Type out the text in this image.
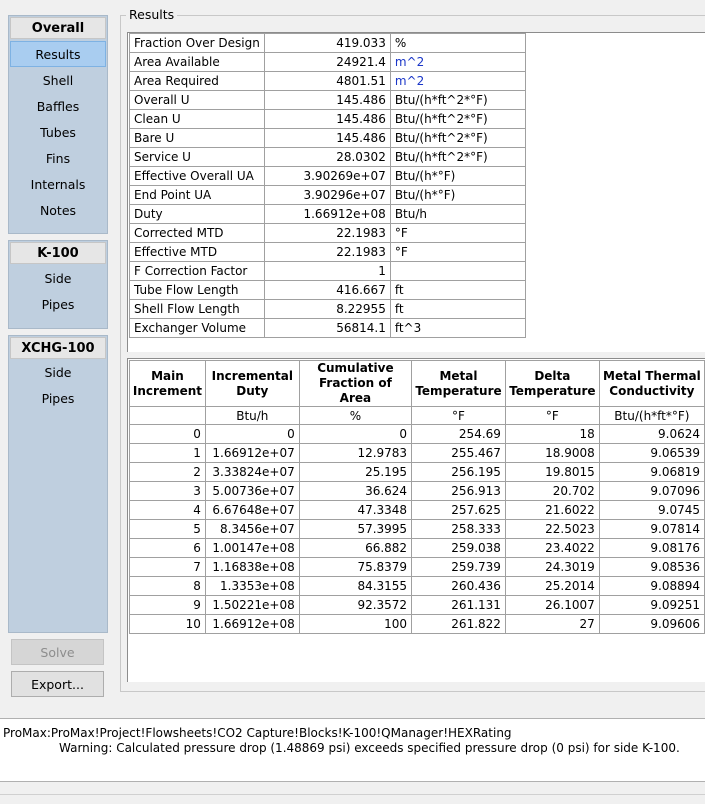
Overall
Results
Shell
Baffles
Tubes
Fins
Internals
Notes
K-100
Side
Pipes
XCHG-100
Side
Pipes
Solve
Export...
Results
Fraction Over Design	419.033	%
Area Available	24921.4	m^2
Area Required	4801.51	m^2
Overall U	145.486	Btu/(h*ft^2*°F)
Clean U	145.486	Btu/(h*ft^2*°F)
Bare U	145.486	Btu/(h*ft^2*°F)
Service U	28.0302	Btu/(h*ft^2*°F)
Effective Overall UA	3.90269e+07	Btu/(h*°F)
End Point UA	3.90296e+07	Btu/(h*°F)
Duty	1.66912e+08	Btu/h
Corrected MTD	22.1983	°F
Effective MTD	22.1983	°F
F Correction Factor	1	
Tube Flow Length	416.667	ft
Shell Flow Length	8.22955	ft
Exchanger Volume	56814.1	ft^3
Main Increment	Incremental Duty	Cumulative Fraction of Area	Metal Temperature	Delta Temperature	Metal Thermal Conductivity
	Btu/h	%	°F	°F	Btu/(h*ft*°F)
0	0	0	254.69	18	9.0624
1	1.66912e+07	12.9783	255.467	18.9008	9.06539
2	3.33824e+07	25.195	256.195	19.8015	9.06819
3	5.00736e+07	36.624	256.913	20.702	9.07096
4	6.67648e+07	47.3348	257.625	21.6022	9.0745
5	8.3456e+07	57.3995	258.333	22.5023	9.07814
6	1.00147e+08	66.882	259.038	23.4022	9.08176
7	1.16838e+08	75.8379	259.739	24.3019	9.08536
8	1.3353e+08	84.3155	260.436	25.2014	9.08894
9	1.50221e+08	92.3572	261.131	26.1007	9.09251
10	1.66912e+08	100	261.822	27	9.09606
ProMax:ProMax!Project!Flowsheets!CO2 Capture!Blocks!K-100!QManager!HEXRating
Warning: Calculated pressure drop (1.48869 psi) exceeds specified pressure drop (0 psi) for side K-100.
